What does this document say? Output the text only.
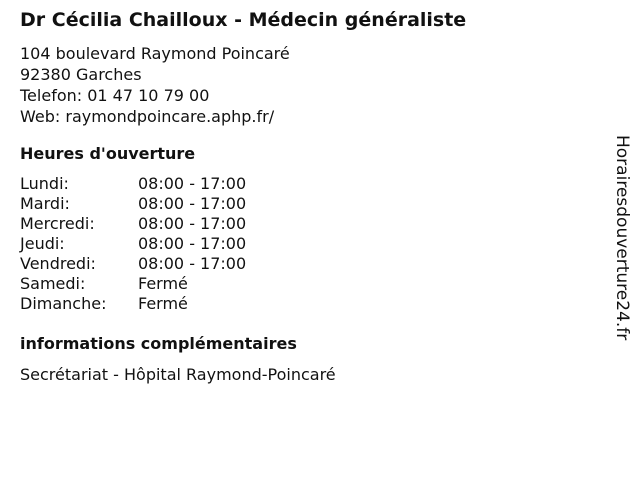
Dr Cécilia Chailloux - Médecin généraliste
104 boulevard Raymond Poincaré
92380 Garches
Telefon: 01 47 10 79 00
Web: raymondpoincare.aphp.fr/
Heures d'ouverture
Lundi:	08:00 - 17:00
Mardi:	08:00 - 17:00
Mercredi:	08:00 - 17:00
Jeudi:	08:00 - 17:00
Vendredi:	08:00 - 17:00
Samedi:	Fermé
Dimanche:	Fermé
informations complémentaires
Secrétariat - Hôpital Raymond-Poincaré
Horairesdouverture24.fr
